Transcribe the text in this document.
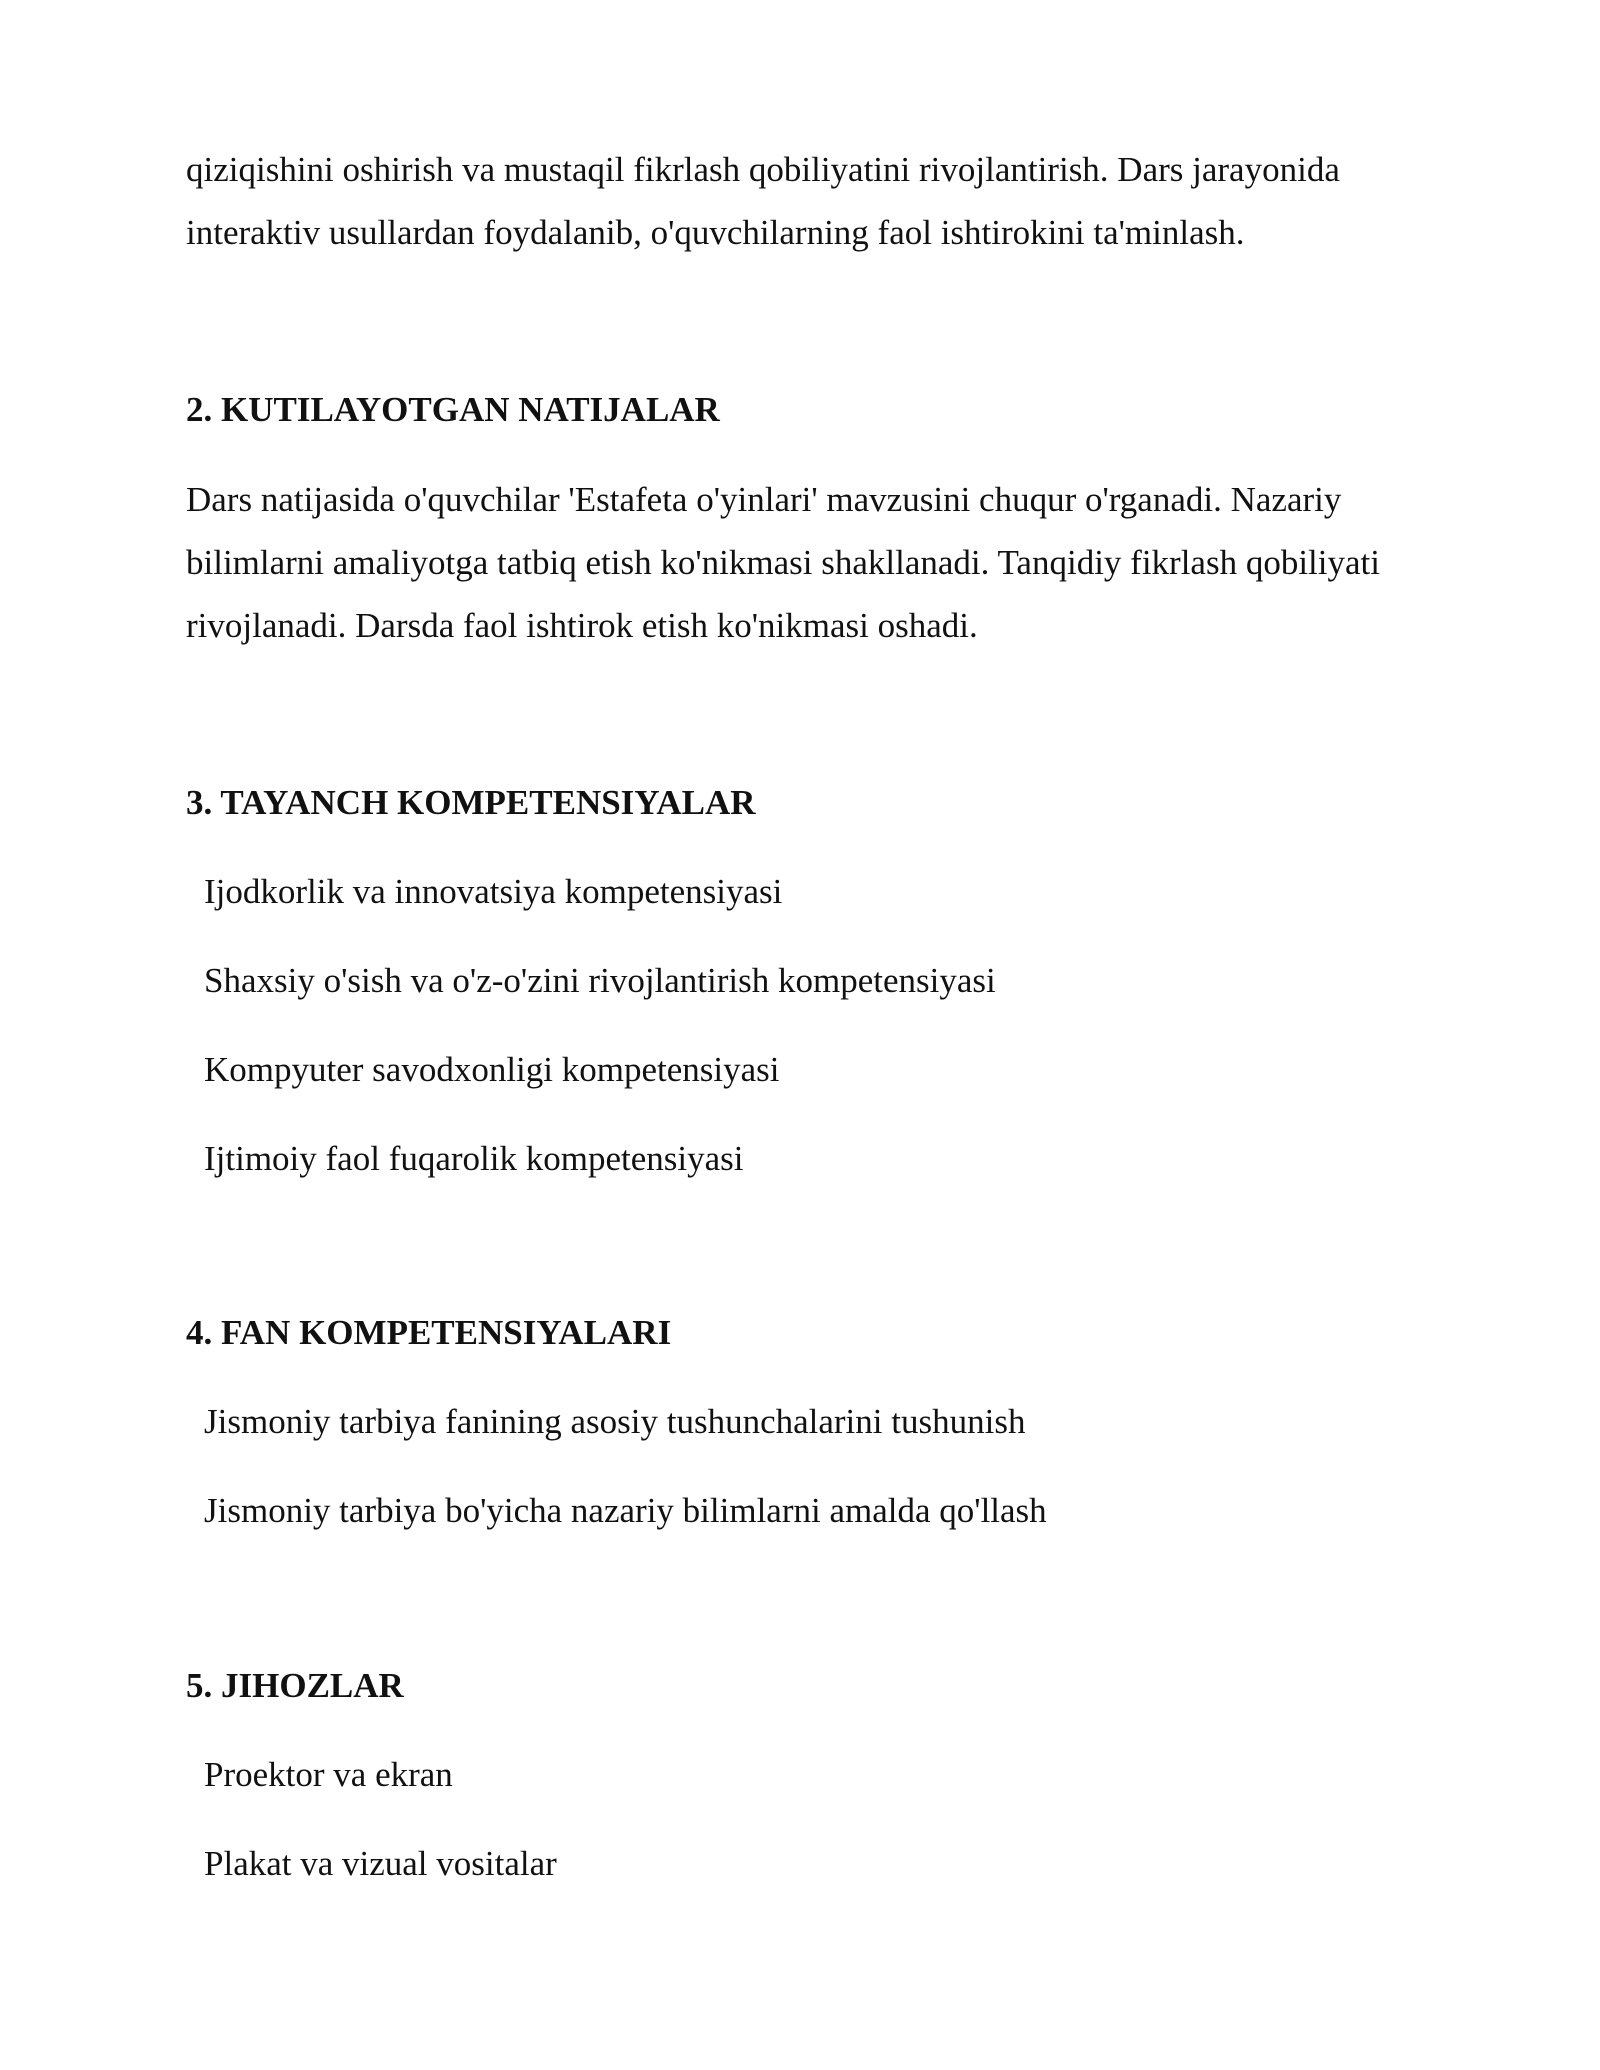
qiziqishini oshirish va mustaqil fikrlash qobiliyatini rivojlantirish. Dars jarayonida interaktiv usullardan foydalanib, o'quvchilarning faol ishtirokini ta'minlash.

2. KUTILAYOTGAN NATIJALAR

Dars natijasida o'quvchilar 'Estafeta o'yinlari' mavzusini chuqur o'rganadi. Nazariy bilimlarni amaliyotga tatbiq etish ko'nikmasi shakllanadi. Tanqidiy fikrlash qobiliyati rivojlanadi. Darsda faol ishtirok etish ko'nikmasi oshadi.

3. TAYANCH KOMPETENSIYALAR

Ijodkorlik va innovatsiya kompetensiyasi

Shaxsiy o'sish va o'z-o'zini rivojlantirish kompetensiyasi

Kompyuter savodxonligi kompetensiyasi

Ijtimoiy faol fuqarolik kompetensiyasi

4. FAN KOMPETENSIYALARI

Jismoniy tarbiya fanining asosiy tushunchalarini tushunish

Jismoniy tarbiya bo'yicha nazariy bilimlarni amalda qo'llash

5. JIHOZLAR

Proektor va ekran

Plakat va vizual vositalar
